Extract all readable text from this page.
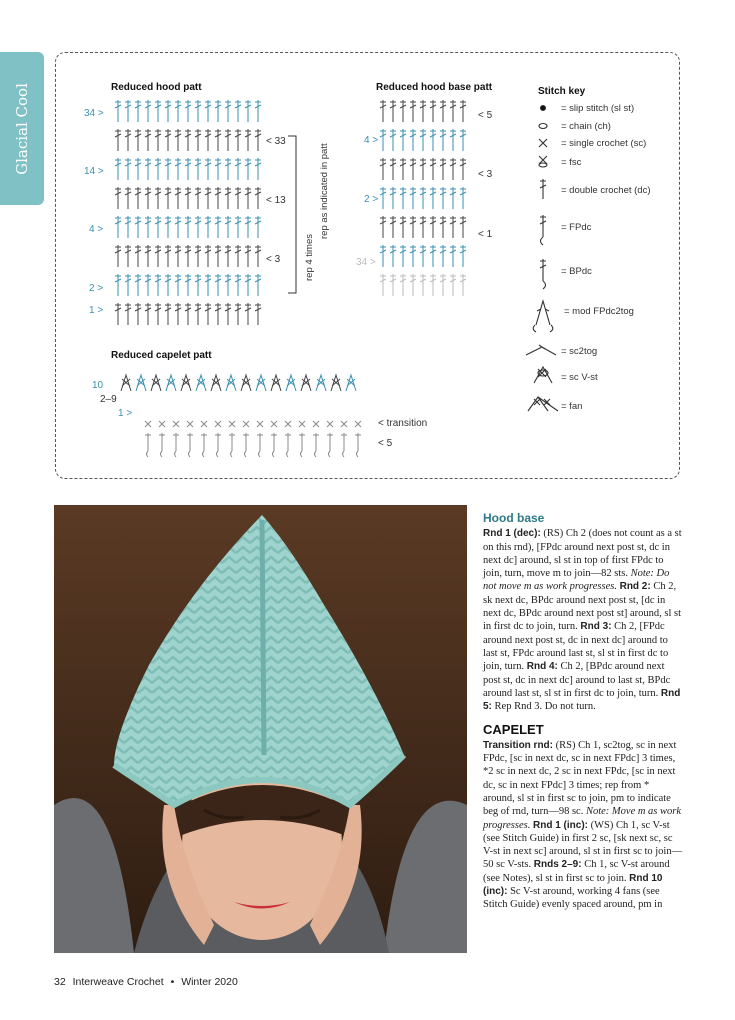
Glacial Cool	Reduced hood patt	Reduced hood base patt
Reduced capelet patt
Stitch key
34 >
14 >
4 >
2 >
1 >
< 33
< 13
< 3	rep 4 times
rep as indicated in patt
4 >
2 >
34 >
< 5
< 3
< 1
10
2–9
1 >
< transition
< 5
= slip stitch (sl st)
= chain (ch)
= single crochet (sc)
= fsc
= double crochet (dc)
= FPdc
= BPdc
= mod FPdc2tog
= sc2tog
= sc V-st
= fan
Hood base

Rnd 1 (dec): (RS) Ch 2 (does not count as a st on this rnd), [FPdc around next post st, dc in next dc] around, sl st in top of first FPdc to join, turn, move m to join—82 sts. Note: Do not move m as work progresses. Rnd 2: Ch 2, sk next dc, BPdc around next post st, [dc in next dc, BPdc around next post st] around, sl st in first dc to join, turn. Rnd 3: Ch 2, [FPdc around next post st, dc in next dc] around to last st, FPdc around last st, sl st in first dc to join, turn. Rnd 4: Ch 2, [BPdc around next post st, dc in next dc] around to last st, BPdc around last st, sl st in first dc to join, turn. Rnd 5: Rep Rnd 3. Do not turn.

CAPELET

Transition rnd: (RS) Ch 1, sc2tog, sc in next FPdc, [sc in next dc, sc in next FPdc] 3 times, *2 sc in next dc, 2 sc in next FPdc, [sc in next dc, sc in next FPdc] 3 times; rep from * around, sl st in first sc to join, pm to indicate beg of rnd, turn—98 sc. Note: Move m as work progresses. Rnd 1 (inc): (WS) Ch 1, sc V-st (see Stitch Guide) in first 2 sc, [sk next sc, sc V-st in next sc] around, sl st in first sc to join—50 sc V-sts. Rnds 2–9: Ch 1, sc V-st around (see Notes), sl st in first sc to join. Rnd 10 (inc): Sc V-st around, working 4 fans (see Stitch Guide) evenly spaced around, pm in

32 Interweave Crochet • Winter 2020
